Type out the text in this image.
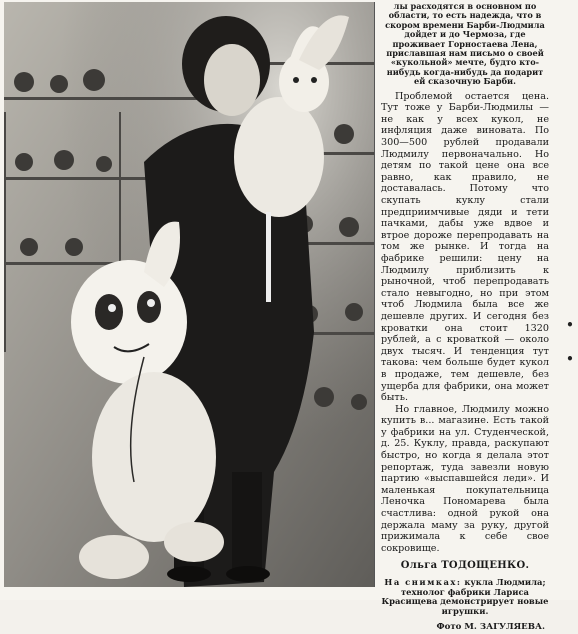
лы расходятся в основном по области, то есть надежда, что в скором времени Барби-Людмила дойдет и до Чермоза, где проживает Горностаева Лена, приславшая нам письмо о своей «кукольной» мечте, будто кто-нибудь когда-нибудь да подарит ей сказочную Барби.

Проблемой остается цена. Тут тоже у Барби-Людмилы — не как у всех кукол, не инфляция даже виновата. По 300—500 рублей продавали Людмилу первоначально. Но детям по такой цене она все равно, как правило, не доставалась. Потому что скупать куклу стали предприимчивые дяди и тети пачками, дабы уже вдвое и втрое дороже перепродавать на том же рынке. И тогда на фабрике решили: цену на Людмилу приблизить к рыночной, чтоб перепродавать стало невыгодно, но при этом чтоб Людмила была все же дешевле других. И сегодня без кроватки она стоит 1320 рублей, а с кроваткой — около двух тысяч. И тенденция тут такова: чем больше будет кукол в продаже, тем дешевле, без ущерба для фабрики, она может быть.

Но главное, Людмилу можно купить в... магазине. Есть такой у фабрики на ул. Студенческой, д. 25. Куклу, правда, раскупают быстро, но когда я делала этот репортаж, туда завезли новую партию «выспавшейся леди». И маленькая покупательница Леночка Пономарева была счастлива: одной рукой она держала маму за руку, другой прижимала к себе свое сокровище.

Ольга ТОДОЩЕНКО.
На снимках: кукла Людмила; технолог фабрики Лариса Красищева демонстрирует новые игрушки.
Фото М. ЗАГУЛЯЕВА.
•
•
